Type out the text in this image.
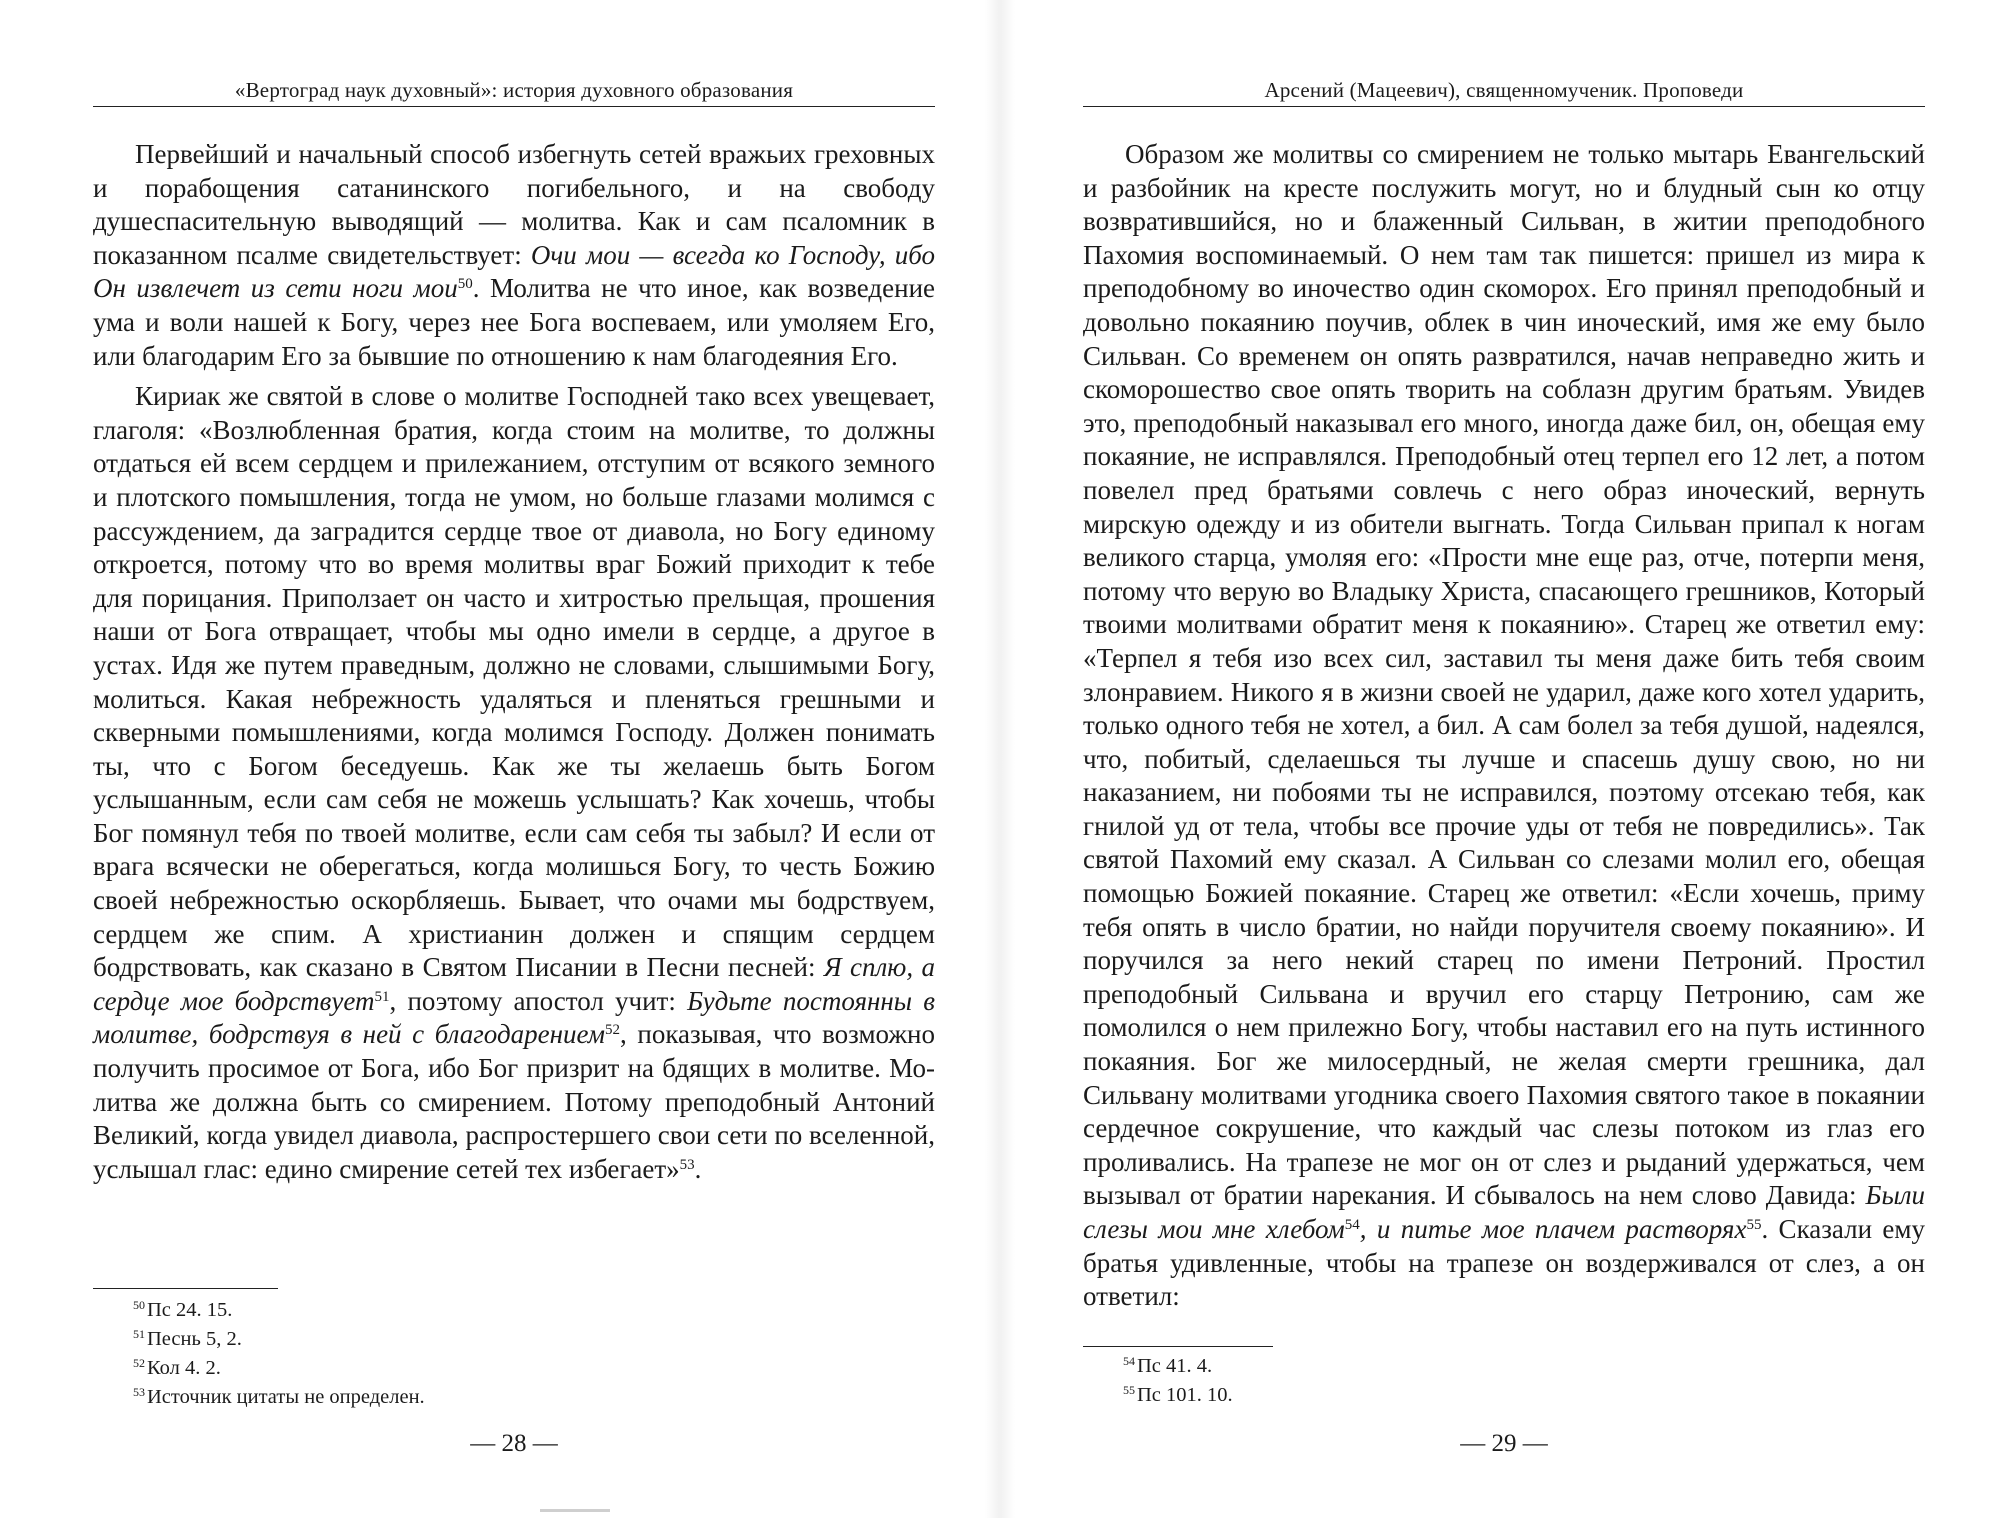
«Вертоград наук духовный»: история духовного образования

Первейший и начальный способ избегнуть сетей вражьих греховных и порабощения сатанинского погибельного, и на свободу душеспасительную выводящий — молитва. Как и сам псаломник в показанном псалме свидетельствует: Очи мои — всегда ко Господу, ибо Он извлечет из сети ноги мои$^{50}$. Молитва не что иное, как возведение ума и воли нашей к Богу, через нее Бога воспеваем, или умоляем Его, или благодарим Его за бывшие по отношению к нам благодеяния Его.

Кириак же святой в слове о молитве Господней тако всех увещевает, глаголя: «Возлюбленная братия, когда стоим на молитве, то должны отдаться ей всем сердцем и прилежанием, отступим от всякого земного и плотского помышления, тогда не умом, но больше глазами молимся с рассуждением, да заградится сердце твое от диавола, но Богу единому откроется, потому что во время молитвы враг Божий приходит к тебе для порицания. Приползает он часто и хитростью прельщая, прошения наши от Бога отвращает, чтобы мы одно имели в сердце, а другое в устах. Идя же путем праведным, должно не словами, слышимыми Богу, молиться. Какая небрежность удаляться и пленяться грешными и скверными помышлениями, когда молимся Господу. Должен понимать ты, что с Богом беседуешь. Как же ты желаешь быть Богом услышанным, если сам себя не можешь услышать? Как хочешь, чтобы Бог помянул тебя по твоей молитве, если сам себя ты забыл? И если от врага всячески не оберегаться, когда молишься Богу, то честь Божию своей небрежностью оскорбляешь. Бывает, что очами мы бодрствуем, сердцем же спим. А христианин должен и спящим сердцем бодрствовать, как сказано в Святом Писании в Песни песней: Я сплю, а сердце мое бодрствует$^{51}$, поэтому апостол учит: Будьте постоянны в молитве, бодрствуя в ней с благодарением$^{52}$, показывая, что возможно получить просимое от Бога, ибо Бог призрит на бдящих в молитве. Молитва же должна быть со смирением. Потому преподобный Антоний Великий, когда увидел диавола, распростершего свои сети по вселенной, услышал глас: едино смирение сетей тех избегает»$^{53}$.

$^{50}$Пс 24. 15.
$^{51}$Песнь 5, 2.
$^{52}$Кол 4. 2.
$^{53}$Источник цитаты не определен.
— 28 —
Арсений (Мацеевич), священномученик. Проповеди

Образом же молитвы со смирением не только мытарь Евангельский и разбойник на кресте послужить могут, но и блудный сын ко отцу возвратившийся, но и блаженный Сильван, в житии преподобного Пахомия воспоминаемый. О нем там так пишется: пришел из мира к преподобному во иночество один скоморох. Его принял преподобный и довольно покаянию поучив, облек в чин иноческий, имя же ему было Сильван. Со временем он опять развратился, начав неправедно жить и скоморошество свое опять творить на соблазн другим братьям. Увидев это, преподобный наказывал его много, иногда даже бил, он, обещая ему покаяние, не исправлялся. Преподобный отец терпел его 12 лет, а потом повелел пред братьями совлечь с него образ иноческий, вернуть мирскую одежду и из обители выгнать. Тогда Сильван припал к ногам великого старца, умоляя его: «Прости мне еще раз, отче, потерпи меня, потому что верую во Владыку Христа, спасающего грешников, Который твоими молитвами обратит меня к покаянию». Старец же ответил ему: «Терпел я тебя изо всех сил, заставил ты меня даже бить тебя своим злонравием. Никого я в жизни своей не ударил, даже кого хотел ударить, только одного тебя не хотел, а бил. А сам болел за тебя душой, надеялся, что, побитый, сделаешься ты лучше и спасешь душу свою, но ни наказанием, ни побоями ты не исправился, поэтому отсекаю тебя, как гнилой уд от тела, чтобы все прочие уды от тебя не повредились». Так святой Пахомий ему сказал. А Сильван со слезами молил его, обещая помощью Божией покаяние. Старец же ответил: «Если хочешь, приму тебя опять в число братии, но найди поручителя своему покаянию». И поручился за него некий старец по имени Петроний. Простил преподобный Сильвана и вручил его старцу Петронию, сам же помолился о нем прилежно Богу, чтобы наставил его на путь истинного покаяния. Бог же милосердный, не желая смерти грешника, дал Сильвану молитвами угодника своего Пахомия святого такое в покаянии сердечное сокрушение, что каждый час слезы потоком из глаз его проливались. На трапезе не мог он от слез и рыданий удержаться, чем вызывал от братии нарекания. И сбывалось на нем слово Давида: Были слезы мои мне хлебом$^{54}$, и питье мое плачем растворях$^{55}$. Сказали ему братья удивленные, чтобы на трапезе он воздерживался от слез, а он ответил:

$^{54}$Пс 41. 4.
$^{55}$Пс 101. 10.
— 29 —
